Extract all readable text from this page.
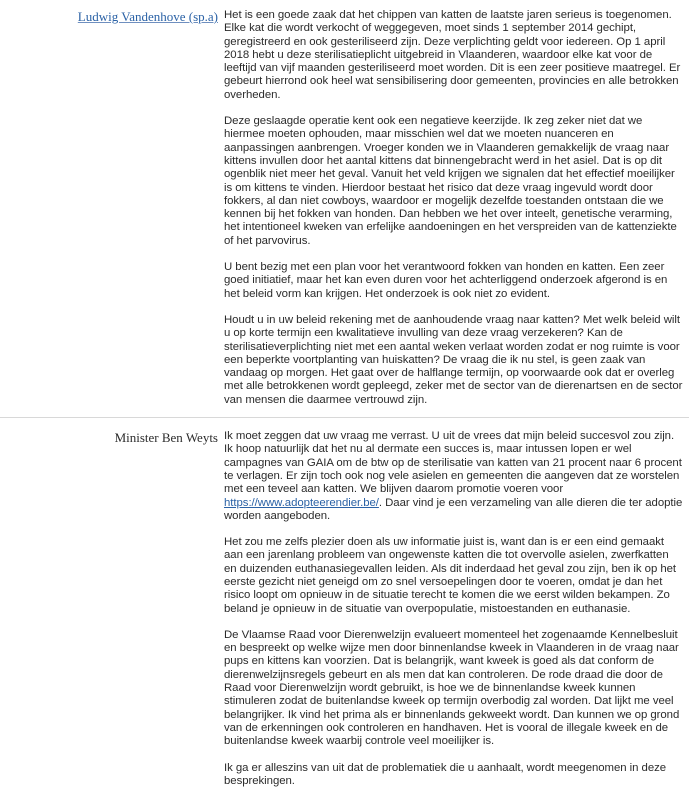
Ludwig Vandenhove (sp.a) Het is een goede zaak dat het chippen van katten de laatste jaren serieus is toegenomen. Elke kat die wordt verkocht of weggegeven, moet sinds 1 september 2014 gechipt, geregistreerd en ook gesteriliseerd zijn. Deze verplichting geldt voor iedereen. Op 1 april 2018 hebt u deze sterilisatieplicht uitgebreid in Vlaanderen, waardoor elke kat voor de leeftijd van vijf maanden gesteriliseerd moet worden. Dit is een zeer positieve maatregel. Er gebeurt hierrond ook heel wat sensibilisering door gemeenten, provincies en alle betrokken overheden.

Deze geslaagde operatie kent ook een negatieve keerzijde. Ik zeg zeker niet dat we hiermee moeten ophouden, maar misschien wel dat we moeten nuanceren en aanpassingen aanbrengen. Vroeger konden we in Vlaanderen gemakkelijk de vraag naar kittens invullen door het aantal kittens dat binnengebracht werd in het asiel. Dat is op dit ogenblik niet meer het geval. Vanuit het veld krijgen we signalen dat het effectief moeilijker is om kittens te vinden. Hierdoor bestaat het risico dat deze vraag ingevuld wordt door fokkers, al dan niet cowboys, waardoor er mogelijk dezelfde toestanden ontstaan die we kennen bij het fokken van honden. Dan hebben we het over inteelt, genetische verarming, het intentioneel kweken van erfelijke aandoeningen en het verspreiden van de kattenziekte of het parvovirus.

U bent bezig met een plan voor het verantwoord fokken van honden en katten. Een zeer goed initiatief, maar het kan even duren voor het achterliggend onderzoek afgerond is en het beleid vorm kan krijgen. Het onderzoek is ook niet zo evident.

Houdt u in uw beleid rekening met de aanhoudende vraag naar katten? Met welk beleid wilt u op korte termijn een kwalitatieve invulling van deze vraag verzekeren? Kan de sterilisatieverplichting niet met een aantal weken verlaat worden zodat er nog ruimte is voor een beperkte voortplanting van huiskatten? De vraag die ik nu stel, is geen zaak van vandaag op morgen. Het gaat over de halflange termijn, op voorwaarde ook dat er overleg met alle betrokkenen wordt gepleegd, zeker met de sector van de dierenartsen en de sector van mensen die daarmee vertrouwd zijn.

Minister Ben Weyts Ik moet zeggen dat uw vraag me verrast. U uit de vrees dat mijn beleid succesvol zou zijn. Ik hoop natuurlijk dat het nu al dermate een succes is, maar intussen lopen er wel campagnes van GAIA om de btw op de sterilisatie van katten van 21 procent naar 6 procent te verlagen. Er zijn toch ook nog vele asielen en gemeenten die aangeven dat ze worstelen met een teveel aan katten. We blijven daarom promotie voeren voor https://www.adopteerendier.be/. Daar vind je een verzameling van alle dieren die ter adoptie worden aangeboden.

Het zou me zelfs plezier doen als uw informatie juist is, want dan is er een eind gemaakt aan een jarenlang probleem van ongewenste katten die tot overvolle asielen, zwerfkatten en duizenden euthanasiegevallen leiden. Als dit inderdaad het geval zou zijn, ben ik op het eerste gezicht niet geneigd om zo snel versoepelingen door te voeren, omdat je dan het risico loopt om opnieuw in de situatie terecht te komen die we eerst wilden bekampen. Zo beland je opnieuw in de situatie van overpopulatie, mistoestanden en euthanasie.

De Vlaamse Raad voor Dierenwelzijn evalueert momenteel het zogenaamde Kennelbesluit en bespreekt op welke wijze men door binnenlandse kweek in Vlaanderen in de vraag naar pups en kittens kan voorzien. Dat is belangrijk, want kweek is goed als dat conform de dierenwelzijnsregels gebeurt en als men dat kan controleren. De rode draad die door de Raad voor Dierenwelzijn wordt gebruikt, is hoe we de binnenlandse kweek kunnen stimuleren zodat de buitenlandse kweek op termijn overbodig zal worden. Dat lijkt me veel belangrijker. Ik vind het prima als er binnenlands gekweekt wordt. Dan kunnen we op grond van de erkenningen ook controleren en handhaven. Het is vooral de illegale kweek en de buitenlandse kweek waarbij controle veel moeilijker is.

Ik ga er alleszins van uit dat de problematiek die u aanhaalt, wordt meegenomen in deze besprekingen.
